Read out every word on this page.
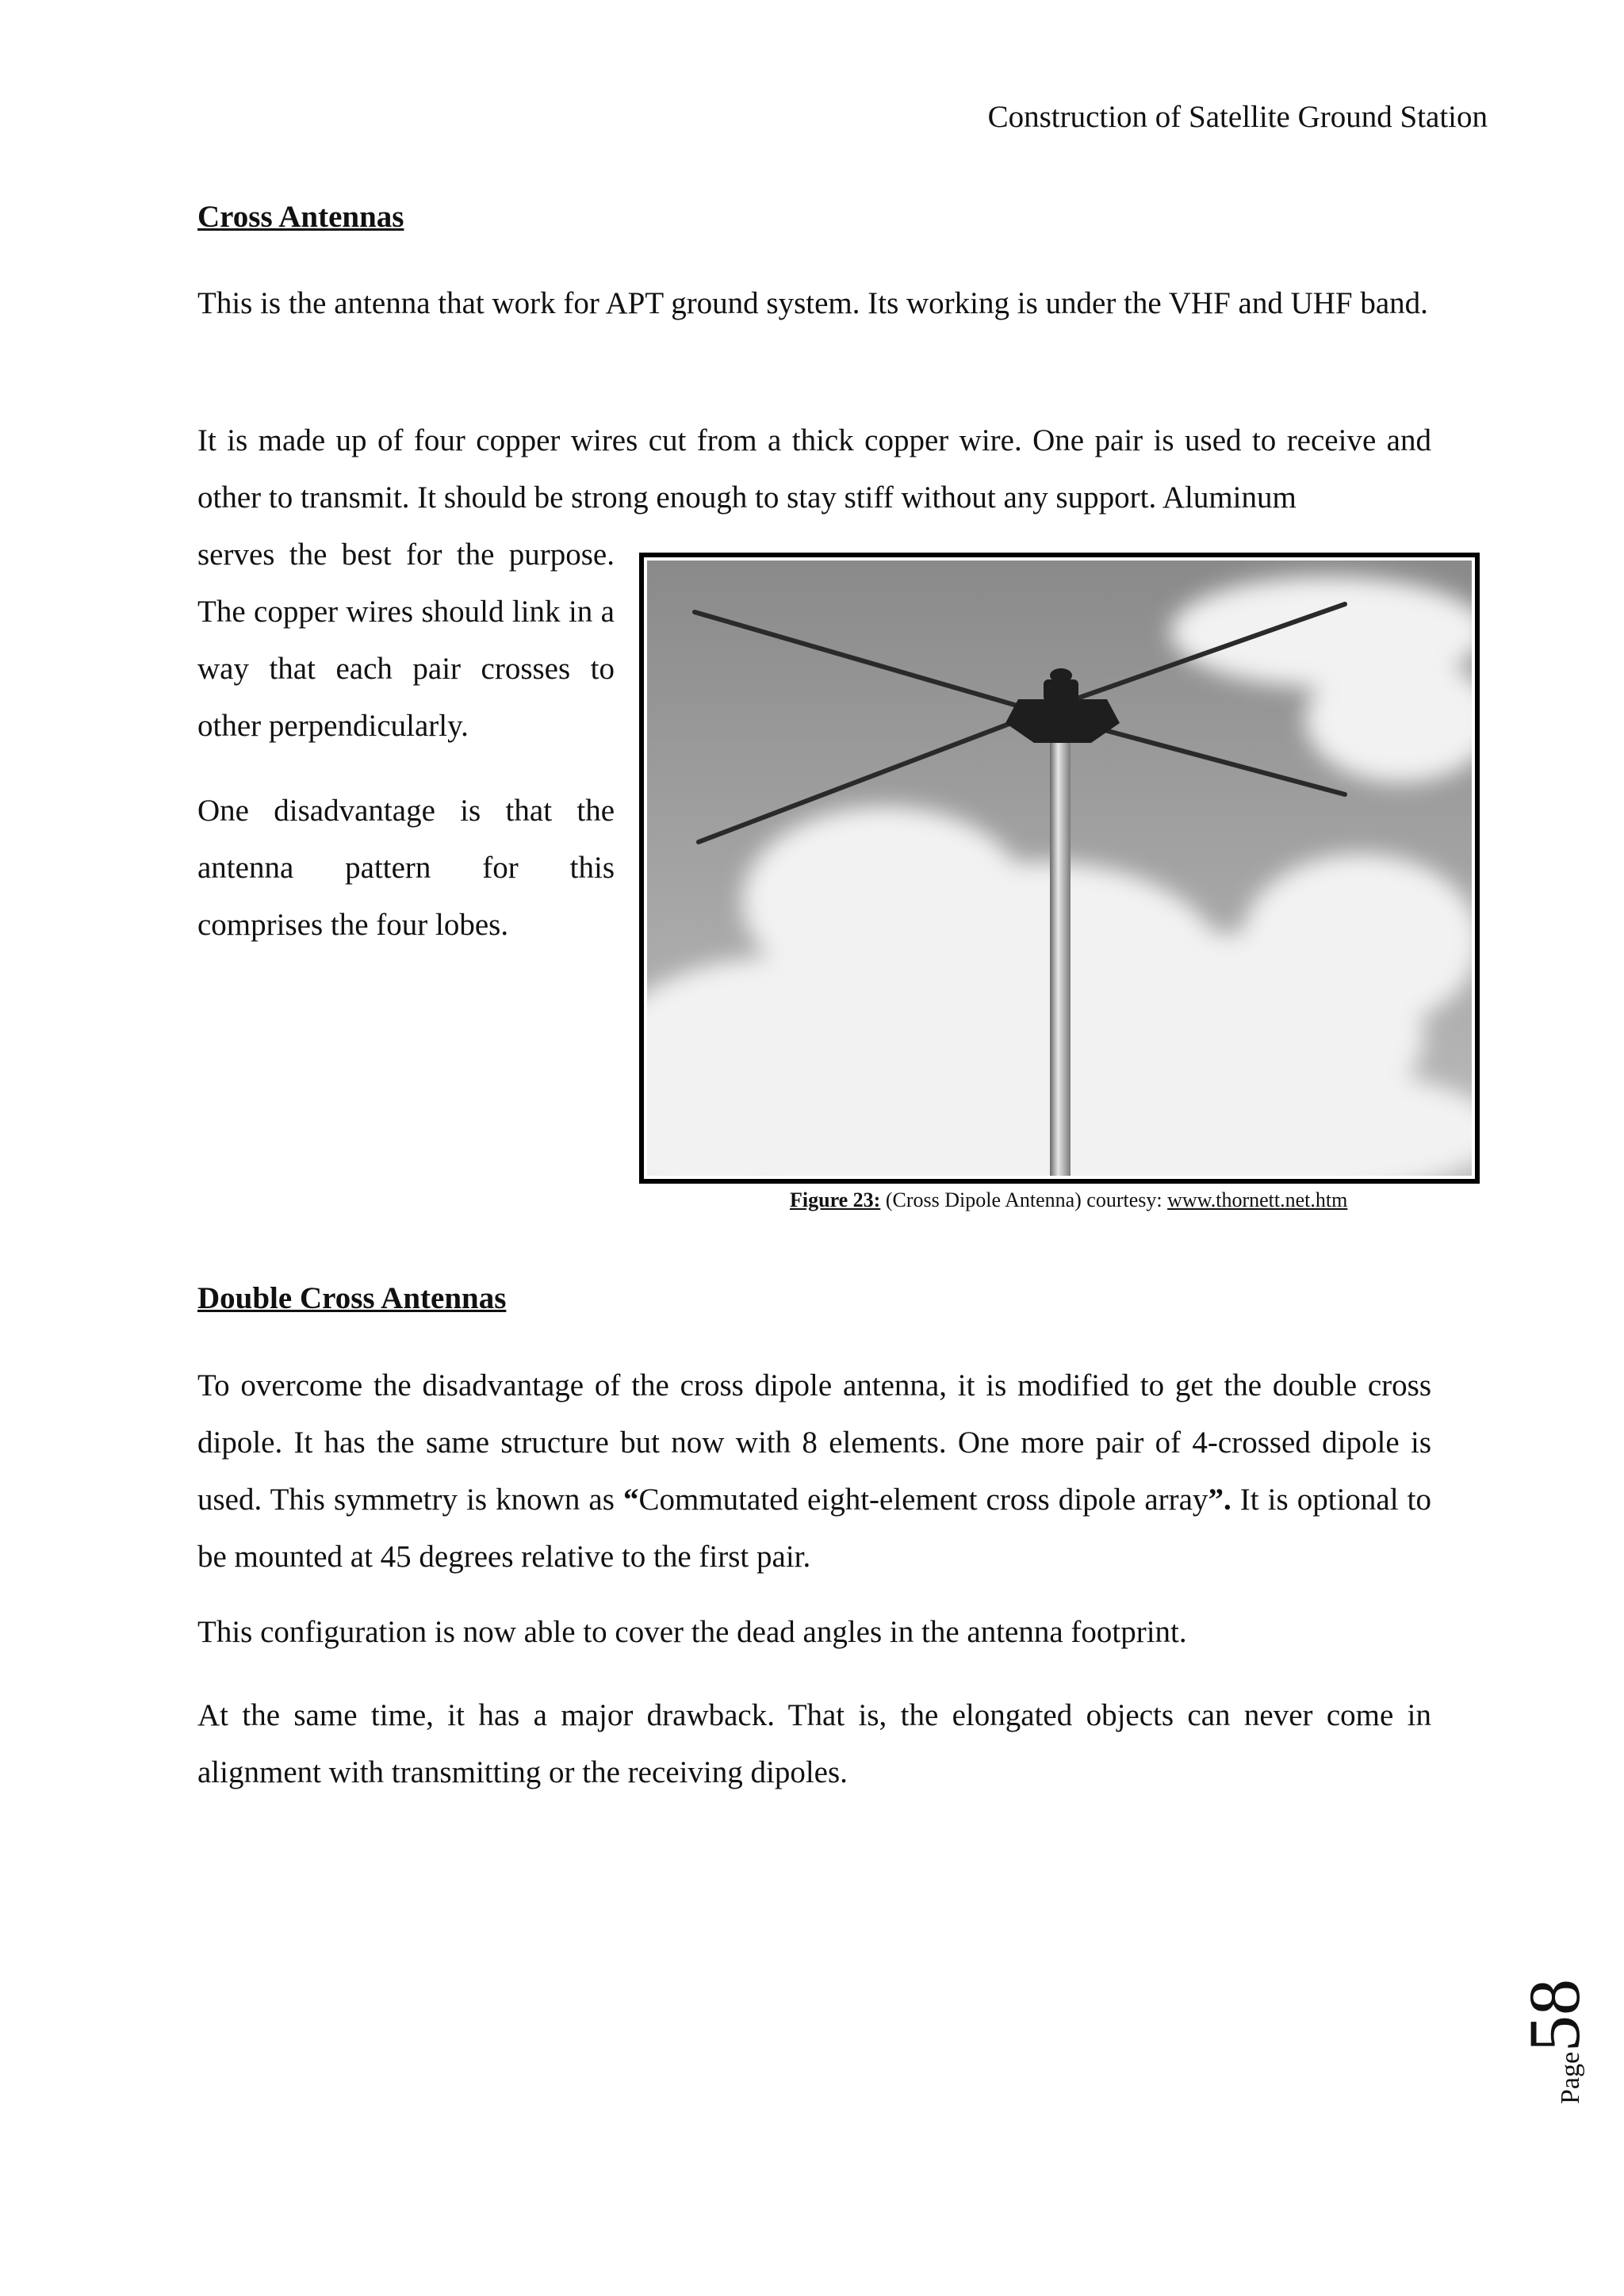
Construction of Satellite Ground Station
Cross Antennas

This is the antenna that work for APT ground system. Its working is under the VHF and UHF band.

It is made up of four copper wires cut from a thick copper wire. One pair is used to receive and other to transmit. It should be strong enough to stay stiff without any support. Aluminum

serves the best for the purpose. The copper wires should link in a way that each pair crosses to other perpendicularly.

One disadvantage is that the antenna pattern for this comprises the four lobes.

Figure 23: (Cross Dipole Antenna) courtesy: www.thornett.net.htm
Double Cross Antennas

To overcome the disadvantage of the cross dipole antenna, it is modified to get the double cross dipole. It has the same structure but now with 8 elements. One more pair of 4-crossed dipole is used. This symmetry is known as “Commutated eight-element cross dipole array”. It is optional to be mounted at 45 degrees relative to the first pair.

This configuration is now able to cover the dead angles in the antenna footprint.

At the same time, it has a major drawback. That is, the elongated objects can never come in alignment with transmitting or the receiving dipoles.

Page
58
